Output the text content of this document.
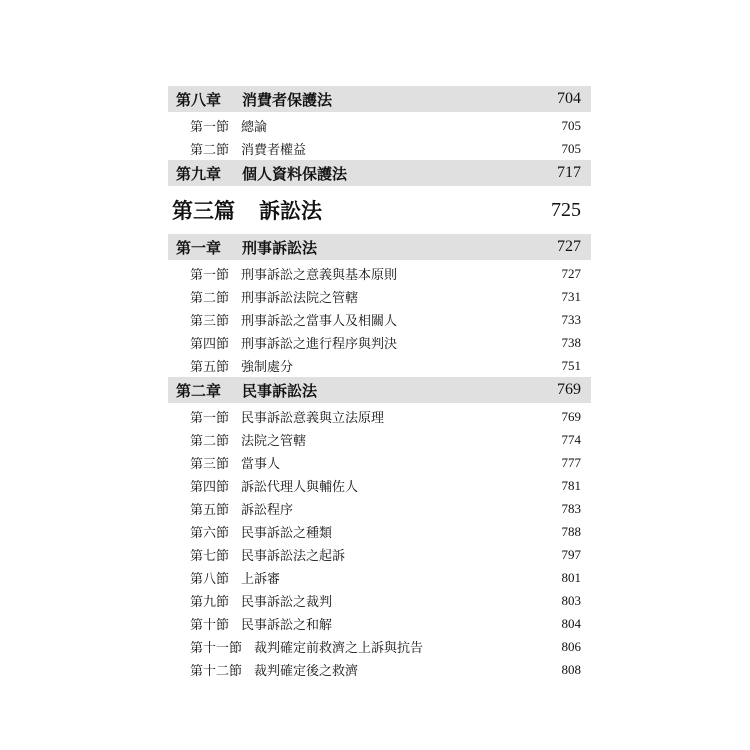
第八章	消費者保護法	704
第一節 總論	705
第二節 消費者權益	705
第九章	個人資料保護法	717
第三篇 訴訟法	725
第一章	刑事訴訟法	727
第一節 刑事訴訟之意義與基本原則	727
第二節 刑事訴訟法院之管轄	731
第三節 刑事訴訟之當事人及相關人	733
第四節 刑事訴訟之進行程序與判決	738
第五節 強制處分	751
第二章	民事訴訟法	769
第一節 民事訴訟意義與立法原理	769
第二節 法院之管轄	774
第三節 當事人	777
第四節 訴訟代理人與輔佐人	781
第五節 訴訟程序	783
第六節 民事訴訟之種類	788
第七節 民事訴訟法之起訴	797
第八節 上訴審	801
第九節 民事訴訟之裁判	803
第十節 民事訴訟之和解	804
第十一節 裁判確定前救濟之上訴與抗告	806
第十二節 裁判確定後之救濟	808
